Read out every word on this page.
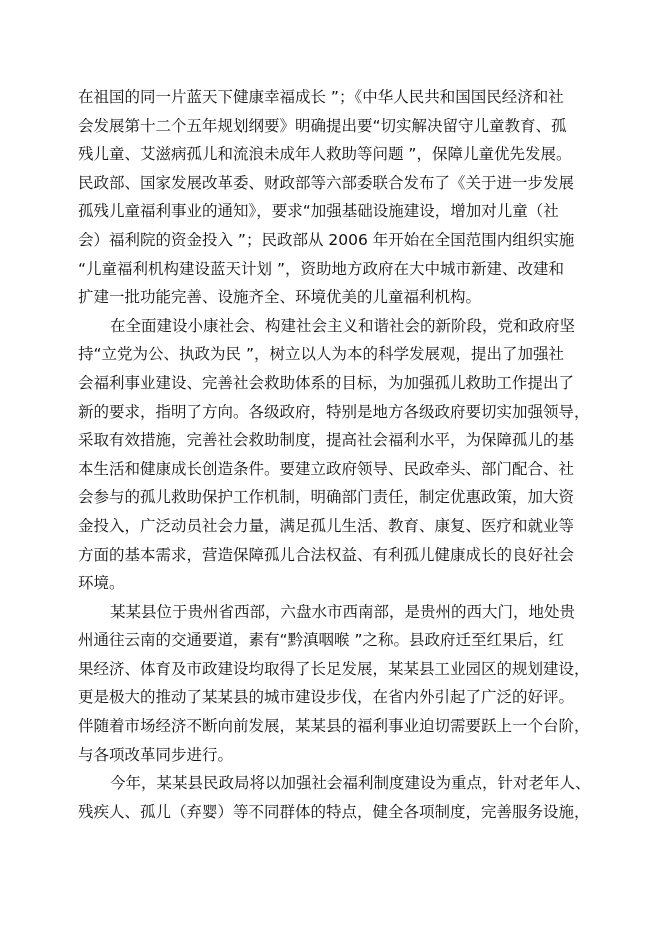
在祖国的同一片蓝天下健康幸福成长 ”；《中华人民共和国国民经济和社
会发展第十二个五年规划纲要》明确提出要“切实解决留守儿童教育、孤
残儿童、艾滋病孤儿和流浪未成年人救助等问题 ”，保障儿童优先发展。
民政部、国家发展改革委、财政部等六部委联合发布了《关于进一步发展
孤残儿童福利事业的通知》，要求“加强基础设施建设，增加对儿童（社
会）福利院的资金投入 ”；民政部从 2006 年开始在全国范围内组织实施
“儿童福利机构建设蓝天计划 ”，资助地方政府在大中城市新建、改建和
扩建一批功能完善、设施齐全、环境优美的儿童福利机构。
在全面建设小康社会、构建社会主义和谐社会的新阶段，党和政府坚
持“立党为公、执政为民 ”，树立以人为本的科学发展观，提出了加强社
会福利事业建设、完善社会救助体系的目标，为加强孤儿救助工作提出了
新的要求，指明了方向。各级政府，特别是地方各级政府要切实加强领导，
采取有效措施，完善社会救助制度，提高社会福利水平，为保障孤儿的基
本生活和健康成长创造条件。要建立政府领导、民政牵头、部门配合、社
会参与的孤儿救助保护工作机制，明确部门责任，制定优惠政策，加大资
金投入，广泛动员社会力量，满足孤儿生活、教育、康复、医疗和就业等
方面的基本需求，营造保障孤儿合法权益、有利孤儿健康成长的良好社会
环境。
某某县位于贵州省西部，六盘水市西南部，是贵州的西大门，地处贵
州通往云南的交通要道，素有“黔滇咽喉 ”之称。县政府迁至红果后，红
果经济、体育及市政建设均取得了长足发展，某某县工业园区的规划建设，
更是极大的推动了某某县的城市建设步伐，在省内外引起了广泛的好评。
伴随着市场经济不断向前发展，某某县的福利事业迫切需要跃上一个台阶，
与各项改革同步进行。
今年，某某县民政局将以加强社会福利制度建设为重点，针对老年人、
残疾人、孤儿（弃婴）等不同群体的特点，健全各项制度，完善服务设施，
